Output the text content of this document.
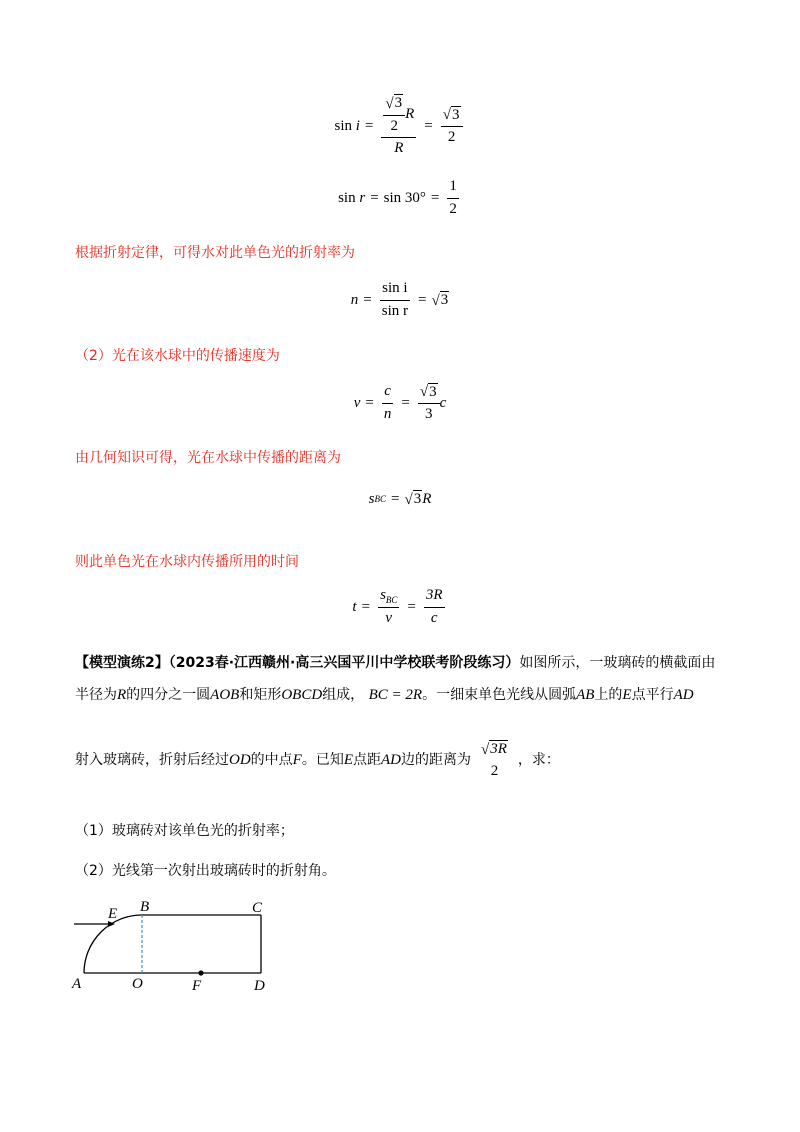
sin
$i = \frac{\frac{√ 3}{2} R}{R} = \frac{√ 3}{2}$
sin
$r = \sin 30^\circ = \frac{1}{2}$
根据折射定律，可得水对此单色光的折射率为
$n = \frac{\text{sin i}}{\text{sin r}}$ = √ 3
（2）光在该水球中的传播速度为
$v = \frac{c}{n} = \frac{√ 3}{3}$ c
由几何知识可得，光在水球中传播的距离为
s BC = √ 3 R
则此单色光在水球内传播所用的时间
$t = \frac{s_{BC}}{v} = \frac{3R}{c}$
【模型演练2】（2023春·江西赣州·高三兴国平川中学校联考阶段练习）如图所示，一玻璃砖的横截面由
半径为R的四分之一圆AOB和矩形OBCD组成， BC = 2R。一细束单色光线从圆弧AB上的E点平行AD
射入玻璃砖，折射后经过 OD 的中点 F 。已知 E 点距 AD 边的距离为
√ 3R
2
，求：
（1）玻璃砖对该单色光的折射率；
（2）光线第一次射出玻璃砖时的折射角。
E B	C
A	O	F	D
